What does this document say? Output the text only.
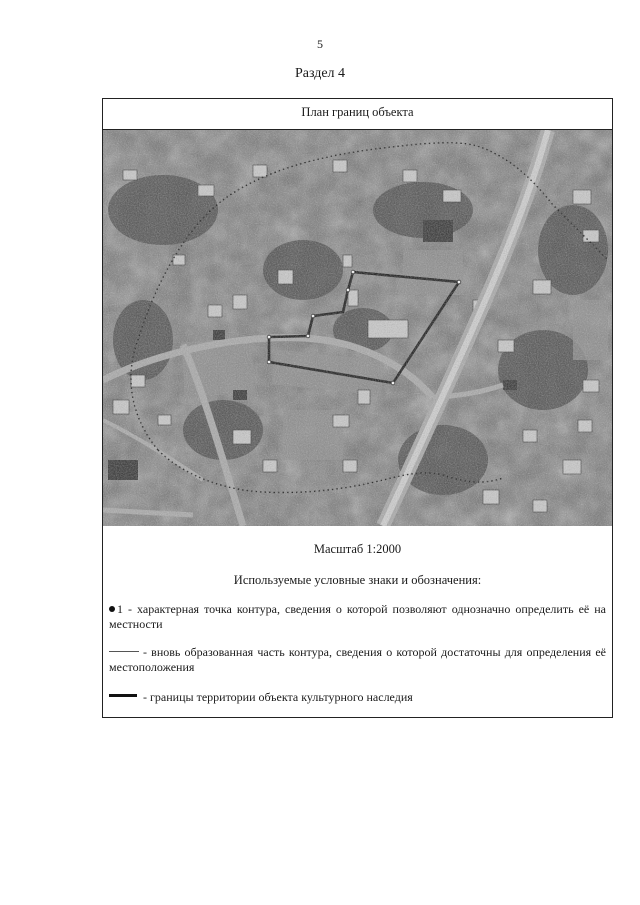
5
Раздел 4
План границ объекта
Масштаб 1:2000
Используемые условные знаки и обозначения:
1 - характерная точка контура, сведения о которой позволяют однозначно определить её на местности
- вновь образованная часть контура, сведения о которой достаточны для определения её местоположения
- границы территории объекта культурного наследия
